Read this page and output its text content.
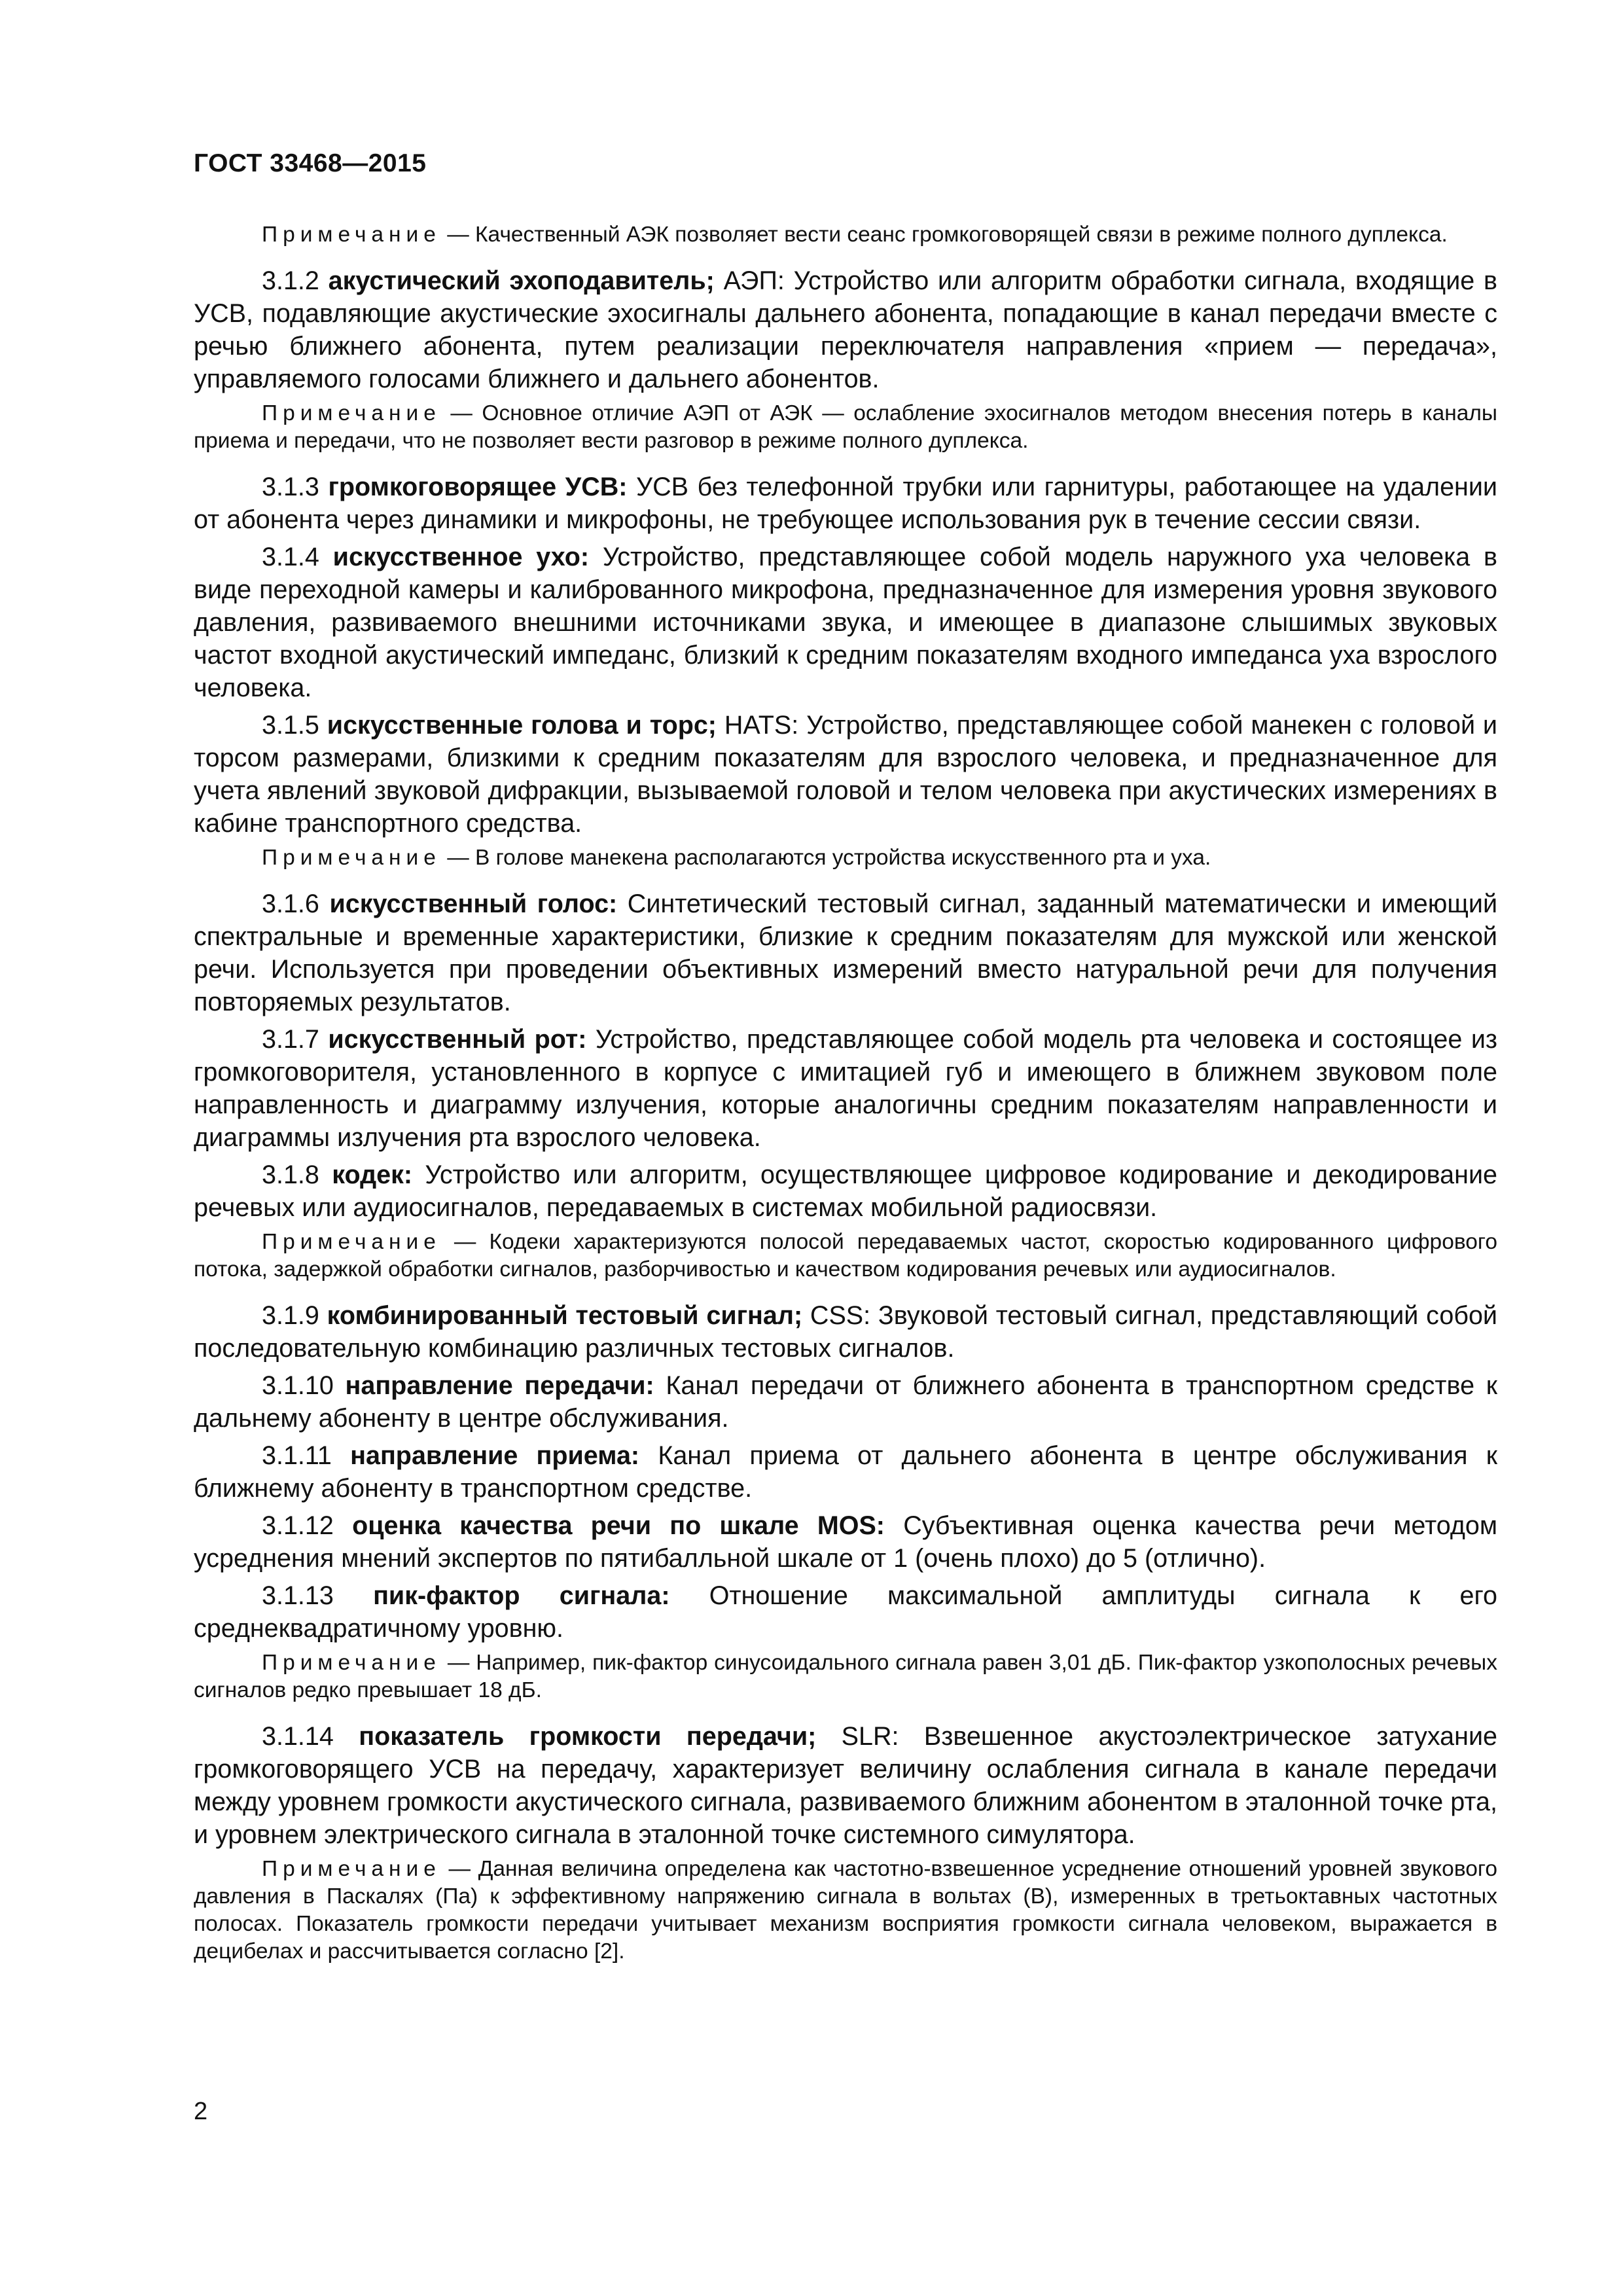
ГОСТ 33468—2015

Примечание — Качественный АЭК позволяет вести сеанс громкоговорящей связи в режиме полного дуплекса.

3.1.2 акустический эхоподавитель; АЭП: Устройство или алгоритм обработки сигнала, входящие в УСВ, подавляющие акустические эхосигналы дальнего абонента, попадающие в канал передачи вместе с речью ближнего абонента, путем реализации переключателя направления «прием — передача», управляемого голосами ближнего и дальнего абонентов.

Примечание — Основное отличие АЭП от АЭК — ослабление эхосигналов методом внесения потерь в каналы приема и передачи, что не позволяет вести разговор в режиме полного дуплекса.

3.1.3 громкоговорящее УСВ: УСВ без телефонной трубки или гарнитуры, работающее на удалении от абонента через динамики и микрофоны, не требующее использования рук в течение сессии связи.

3.1.4 искусственное ухо: Устройство, представляющее собой модель наружного уха человека в виде переходной камеры и калиброванного микрофона, предназначенное для измерения уровня звукового давления, развиваемого внешними источниками звука, и имеющее в диапазоне слышимых звуковых частот входной акустический импеданс, близкий к средним показателям входного импеданса уха взрослого человека.

3.1.5 искусственные голова и торс; HATS: Устройство, представляющее собой манекен с головой и торсом размерами, близкими к средним показателям для взрослого человека, и предназначенное для учета явлений звуковой дифракции, вызываемой головой и телом человека при акустических измерениях в кабине транспортного средства.

Примечание — В голове манекена располагаются устройства искусственного рта и уха.

3.1.6 искусственный голос: Синтетический тестовый сигнал, заданный математически и имеющий спектральные и временные характеристики, близкие к средним показателям для мужской или женской речи. Используется при проведении объективных измерений вместо натуральной речи для получения повторяемых результатов.

3.1.7 искусственный рот: Устройство, представляющее собой модель рта человека и состоящее из громкоговорителя, установленного в корпусе с имитацией губ и имеющего в ближнем звуковом поле направленность и диаграмму излучения, которые аналогичны средним показателям направленности и диаграммы излучения рта взрослого человека.

3.1.8 кодек: Устройство или алгоритм, осуществляющее цифровое кодирование и декодирование речевых или аудиосигналов, передаваемых в системах мобильной радиосвязи.

Примечание — Кодеки характеризуются полосой передаваемых частот, скоростью кодированного цифрового потока, задержкой обработки сигналов, разборчивостью и качеством кодирования речевых или аудиосигналов.

3.1.9 комбинированный тестовый сигнал; CSS: Звуковой тестовый сигнал, представляющий собой последовательную комбинацию различных тестовых сигналов.

3.1.10 направление передачи: Канал передачи от ближнего абонента в транспортном средстве к дальнему абоненту в центре обслуживания.

3.1.11 направление приема: Канал приема от дальнего абонента в центре обслуживания к ближнему абоненту в транспортном средстве.

3.1.12 оценка качества речи по шкале MOS: Субъективная оценка качества речи методом усреднения мнений экспертов по пятибалльной шкале от 1 (очень плохо) до 5 (отлично).

3.1.13 пик-фактор сигнала: Отношение максимальной амплитуды сигнала к его среднеквадратичному уровню.

Примечание — Например, пик-фактор синусоидального сигнала равен 3,01 дБ. Пик-фактор узкополосных речевых сигналов редко превышает 18 дБ.

3.1.14 показатель громкости передачи; SLR: Взвешенное акустоэлектрическое затухание громкоговорящего УСВ на передачу, характеризует величину ослабления сигнала в канале передачи между уровнем громкости акустического сигнала, развиваемого ближним абонентом в эталонной точке рта, и уровнем электрического сигнала в эталонной точке системного симулятора.

Примечание — Данная величина определена как частотно-взвешенное усреднение отношений уровней звукового давления в Паскалях (Па) к эффективному напряжению сигнала в вольтах (В), измеренных в третьоктавных частотных полосах. Показатель громкости передачи учитывает механизм восприятия громкости сигнала человеком, выражается в децибелах и рассчитывается согласно [2].

2
